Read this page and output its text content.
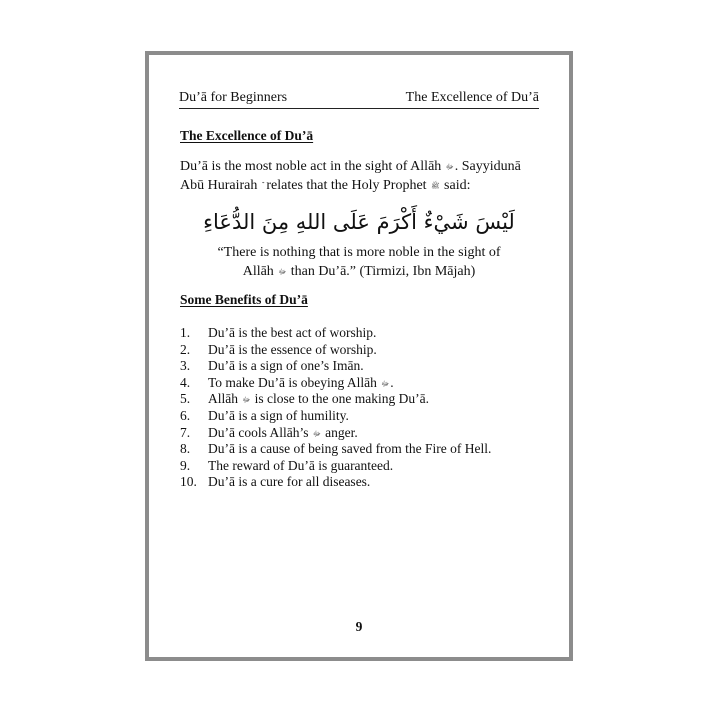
Du’ā for Beginners	The Excellence of Du’ā
The Excellence of Du’ā
Du’ā is the most noble act in the sight of Allāh ﷻ. Sayyidunā Abū Hurairah relates that the Holy Prophet ﷺ said:
لَيْسَ شَيْءٌ أَكْرَمَ عَلَى اللهِ مِنَ الدُّعَاءِ
“There is nothing that is more noble in the sight of
Allāh ﷻ than Du’ā.” (Tirmizi, Ibn Mājah)
Some Benefits of Du’ā
1.	Du’ā is the best act of worship.
2.	Du’ā is the essence of worship.
3.	Du’ā is a sign of one’s Imān.
4.	To make Du’ā is obeying Allāh ﷻ.
5.	Allāh ﷻ is close to the one making Du’ā.
6.	Du’ā is a sign of humility.
7.	Du’ā cools Allāh’s ﷻ anger.
8.	Du’ā is a cause of being saved from the Fire of Hell.
9.	The reward of Du’ā is guaranteed.
10. Du’ā is a cure for all diseases.
9
